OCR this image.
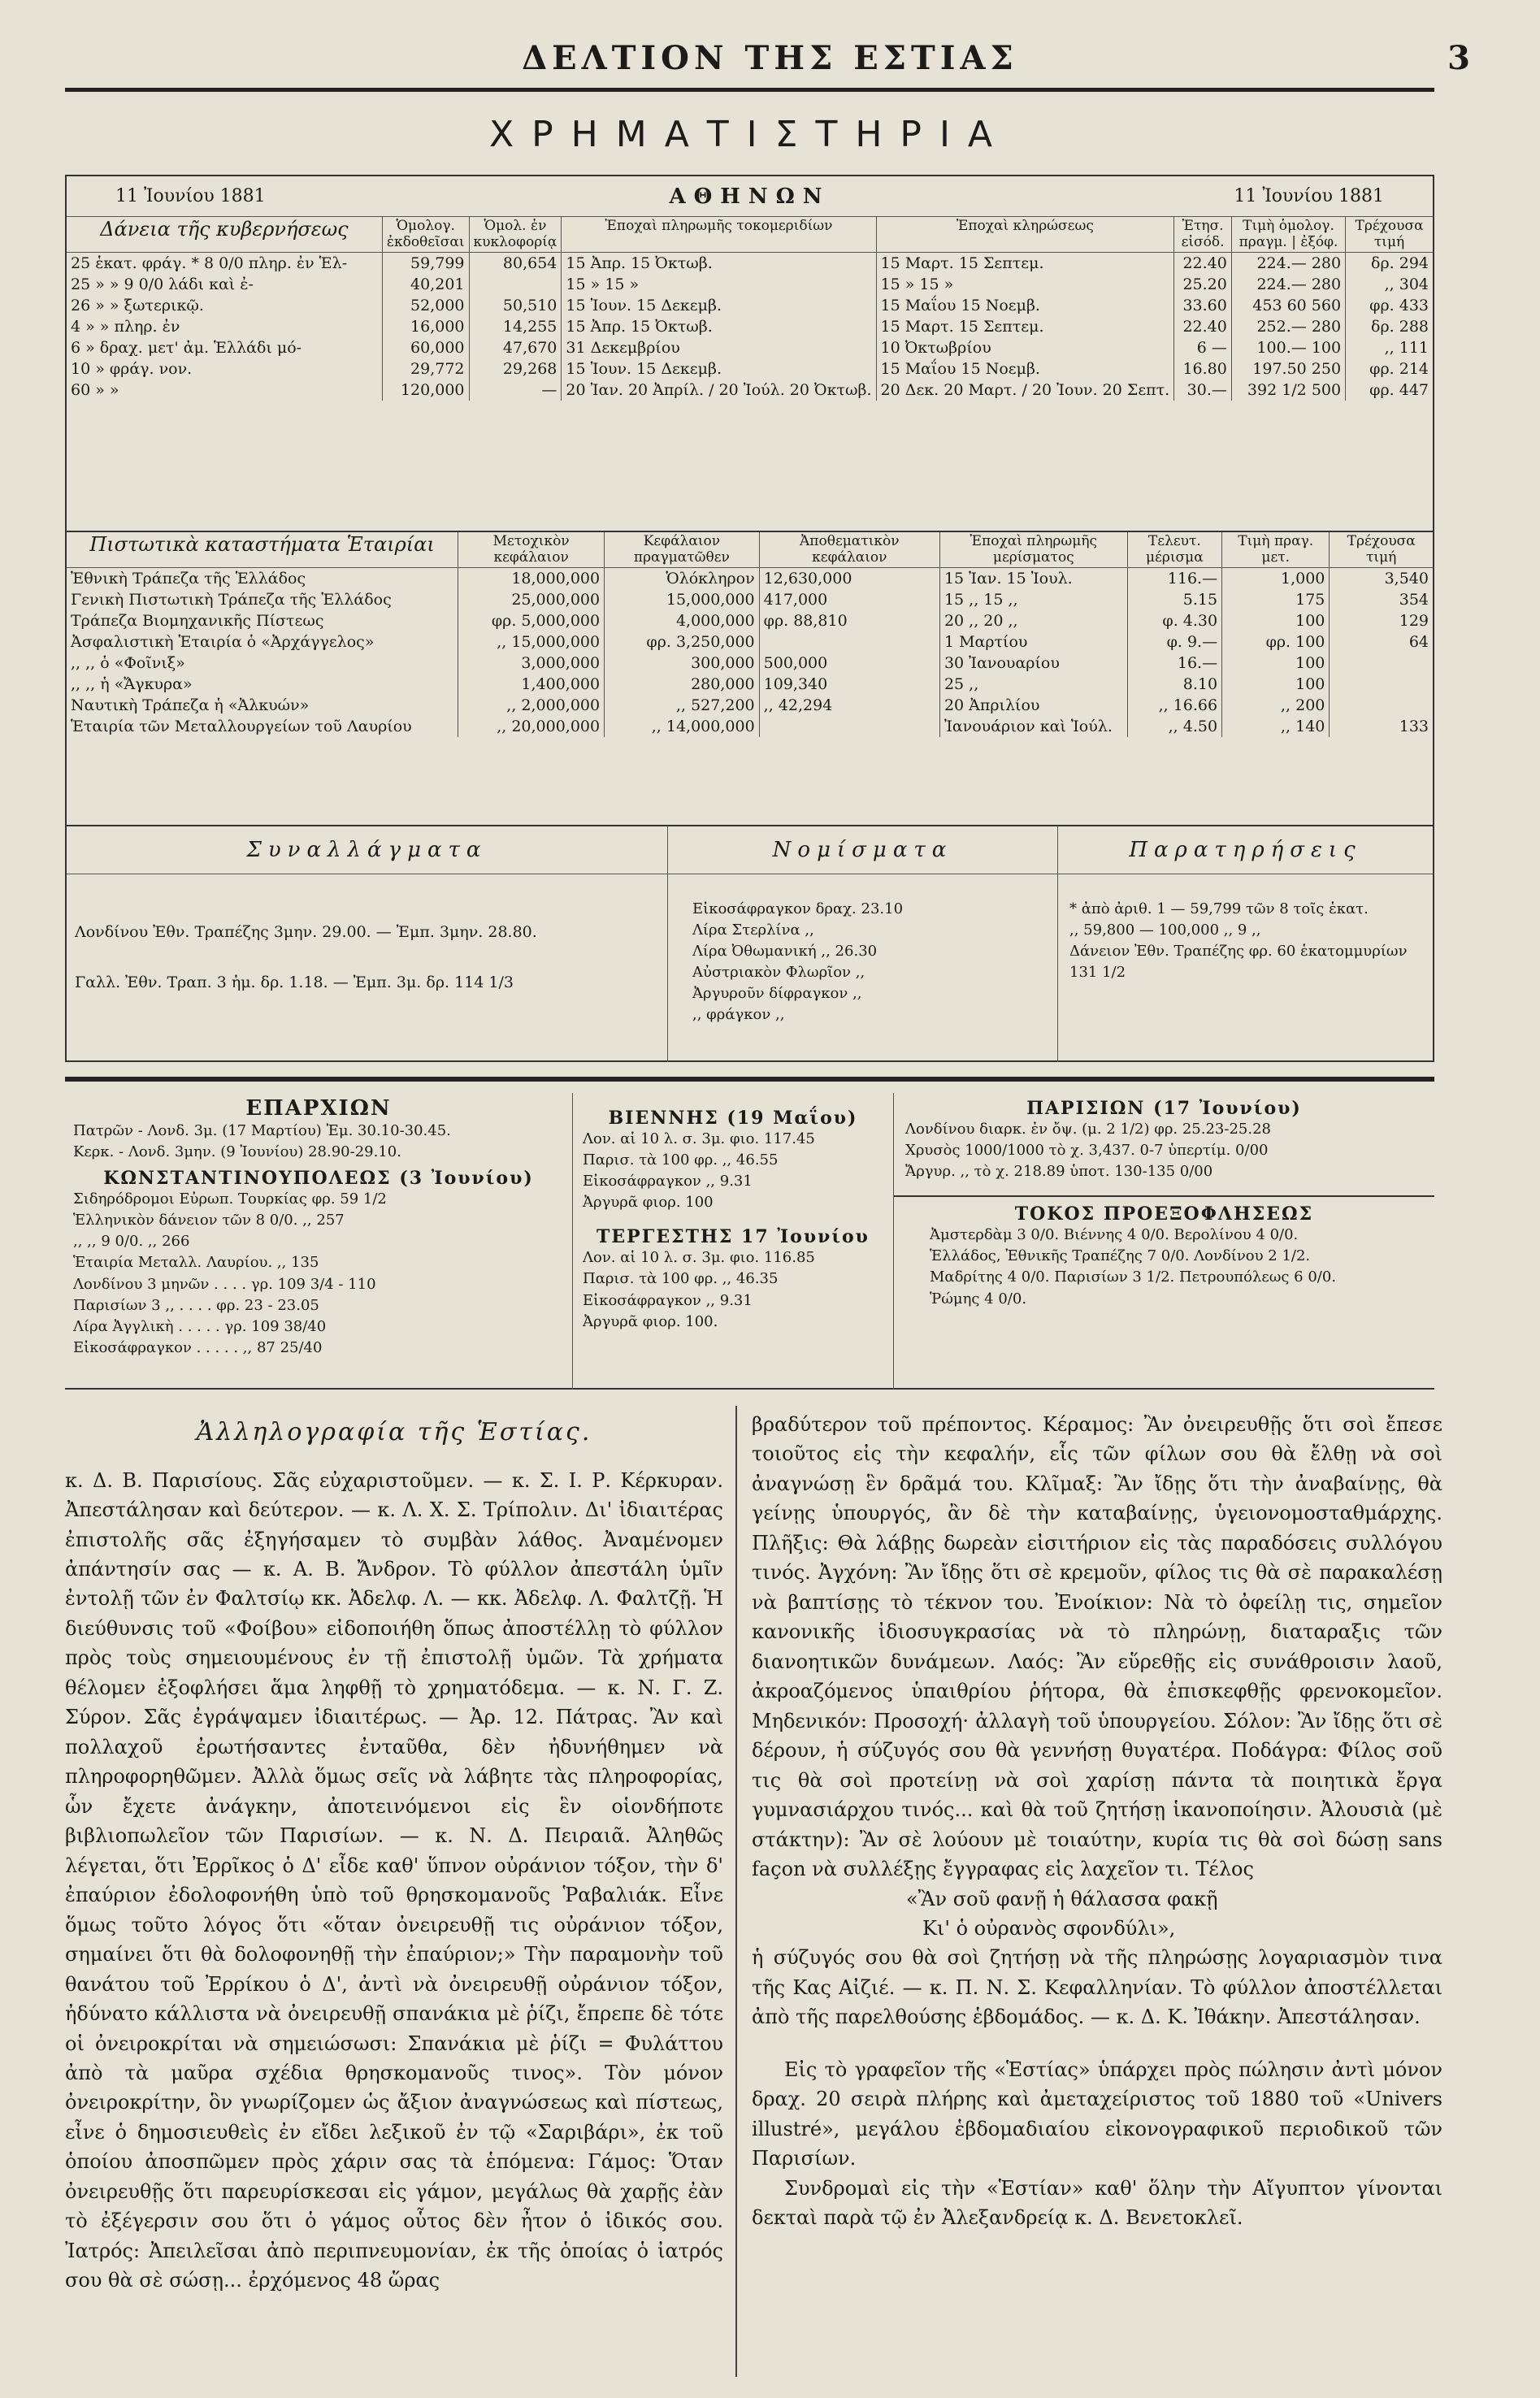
ΔΕΛΤΙΟΝ ΤΗΣ ΕΣΤΙΑΣ	3
ΧΡΗΜΑΤΙΣΤΗΡΙΑ
11 Ἰουνίου 1881	ΑΘΗΝΩΝ	11 Ἰουνίου 1881
Δάνεια τῆς κυβερνήσεως	Ὁμολογ. ἐκδοθεῖσαι	Ὁμολ. ἐν κυκλοφορίᾳ	Ἐποχαὶ πληρωμῆς τοκομεριδίων	Ἐποχαὶ κληρώσεως	Ἐτησ. εἰσόδ.	Τιμὴ ὁμολογ. πραγμ. | ἐξόφ.	Τρέχουσα τιμή
25 ἑκατ. φράγ. * 8 0/0 πληρ. ἐν Ἑλ-	59,799	80,654	15 Ἀπρ. 15 Ὀκτωβ.	15 Μαρτ. 15 Σεπτεμ.	22.40	224.— 280	δρ. 294
25 » » 9 0/0 λάδι καὶ ἐ-	40,201		15 » 15 »	15 » 15 »	25.20	224.— 280	,, 304
26 » » ξωτερικῷ.	52,000	50,510	15 Ἰουν. 15 Δεκεμβ.	15 Μαΐου 15 Νοεμβ.	33.60	453 60 560	φρ. 433
4 » » πληρ. ἐν	16,000	14,255	15 Ἀπρ. 15 Ὀκτωβ.	15 Μαρτ. 15 Σεπτεμ.	22.40	252.— 280	δρ. 288
6 » δραχ. μετ' ἀμ. Ἑλλάδι μό-	60,000	47,670	31 Δεκεμβρίου	10 Ὀκτωβρίου	6 —	100.— 100	,, 111
10 » φράγ. νον.	29,772	29,268	15 Ἰουν. 15 Δεκεμβ.	15 Μαΐου 15 Νοεμβ.	16.80	197.50 250	φρ. 214
60 » »	120,000	—	20 Ἰαν. 20 Ἀπρίλ. / 20 Ἰούλ. 20 Ὀκτωβ.	20 Δεκ. 20 Μαρτ. / 20 Ἰουν. 20 Σεπτ.	30.—	392 1/2 500	φρ. 447
Πιστωτικὰ καταστήματα Ἑταιρίαι	Μετοχικὸν κεφάλαιον	Κεφάλαιον πραγματῶθεν	Ἀποθεματικὸν κεφάλαιον	Ἐποχαὶ πληρωμῆς μερίσματος	Τελευτ. μέρισμα	Τιμὴ πραγ. μετ.	Τρέχουσα τιμή
Ἐθνικὴ Τράπεζα τῆς Ἑλλάδος	18,000,000	Ὁλόκληρον	12,630,000	15 Ἰαν. 15 Ἰουλ.	116.—	1,000	3,540
Γενικὴ Πιστωτικὴ Τράπεζα τῆς Ἑλλάδος	25,000,000	15,000,000	417,000	15 ,, 15 ,,	5.15	175	354
Τράπεζα Βιομηχανικῆς Πίστεως	φρ. 5,000,000	4,000,000	φρ. 88,810	20 ,, 20 ,,	φ. 4.30	100	129
Ἀσφαλιστικὴ Ἑταιρία ὁ «Ἀρχάγγελος»	,, 15,000,000	φρ. 3,250,000		1 Μαρτίου	φ. 9.—	φρ. 100	64
,, ,, ὁ «Φοῖνιξ»	3,000,000	300,000	500,000	30 Ἰανουαρίου	16.—	100	
,, ,, ἡ «Ἄγκυρα»	1,400,000	280,000	109,340	25 ,,	8.10	100	
Ναυτικὴ Τράπεζα ἡ «Ἀλκυών»	,, 2,000,000	,, 527,200	,, 42,294	20 Ἀπριλίου	,, 16.66	,, 200	
Ἑταιρία τῶν Μεταλλουργείων τοῦ Λαυρίου	,, 20,000,000	,, 14,000,000		Ἰανουάριον καὶ Ἰούλ.	,, 4.50	,, 140	133
Συναλλάγματα
Λονδίνου Ἐθν. Τραπέζης 3μην. 29.00. — Ἐμπ. 3μην. 28.80.
Γαλλ. Ἐθν. Τραπ. 3 ἡμ. δρ. 1.18. — Ἐμπ. 3μ. δρ. 114 1/3
Νομίσματα
Εἰκοσάφραγκον δραχ. 23.10
Λίρα Στερλίνα ,,
Λίρα Ὀθωμανική ,, 26.30
Αὐστριακὸν Φλωρῖον ,,
Ἀργυροῦν δίφραγκον ,,
,, φράγκον ,,
Παρατηρήσεις
* ἀπὸ ἀριθ. 1 — 59,799 τῶν 8 τοῖς ἑκατ.
,, 59,800 — 100,000 ,, 9 ,,
Δάνειον Ἐθν. Τραπέζης φρ. 60 ἑκατομμυρίων
131 1/2
ΕΠΑΡΧΙΩΝ
Πατρῶν - Λονδ. 3μ. (17 Μαρτίου) Ἐμ. 30.10-30.45.
Κερκ. - Λονδ. 3μην. (9 Ἰουνίου) 28.90-29.10.
ΚΩΝΣΤΑΝΤΙΝΟΥΠΟΛΕΩΣ (3 Ἰουνίου)
Σιδηρόδρομοι Εὐρωπ. Τουρκίας φρ. 59 1/2
Ἑλληνικὸν δάνειον τῶν 8 0/0. ,, 257
,, ,, 9 0/0. ,, 266
Ἑταιρία Μεταλλ. Λαυρίου. ,, 135
Λονδίνου 3 μηνῶν . . . . γρ. 109 3/4 - 110
Παρισίων 3 ,, . . . . φρ. 23 - 23.05
Λίρα Ἀγγλικὴ . . . . . γρ. 109 38/40
Εἰκοσάφραγκον . . . . . ,, 87 25/40
ΒΙΕΝΝΗΣ (19 Μαΐου)
Λον. αἱ 10 λ. σ. 3μ. φιο. 117.45
Παρισ. τὰ 100 φρ. ,, 46.55
Εἰκοσάφραγκον ,, 9.31
Ἀργυρᾶ φιορ. 100
ΤΕΡΓΕΣΤΗΣ 17 Ἰουνίου
Λον. αἱ 10 λ. σ. 3μ. φιο. 116.85
Παρισ. τὰ 100 φρ. ,, 46.35
Εἰκοσάφραγκον ,, 9.31
Ἀργυρᾶ φιορ. 100.
ΠΑΡΙΣΙΩΝ (17 Ἰουνίου)
Λονδίνου διαρκ. ἐν ὄψ. (μ. 2 1/2) φρ. 25.23-25.28
Χρυσὸς 1000/1000 τὸ χ. 3,437. 0-7 ὑπερτίμ. 0/00
Ἄργυρ. ,, τὸ χ. 218.89 ὑποτ. 130-135 0/00
ΤΟΚΟΣ ΠΡΟΕΞΟΦΛΗΣΕΩΣ
Ἀμστερδὰμ 3 0/0. Βιέννης 4 0/0. Βερολίνου 4 0/0.
Ἑλλάδος, Ἐθνικῆς Τραπέζης 7 0/0. Λονδίνου 2 1/2.
Μαδρίτης 4 0/0. Παρισίων 3 1/2. Πετρουπόλεως 6 0/0.
Ῥώμης 4 0/0.
Ἀλληλογραφία τῆς Ἑστίας.

κ. Δ. Β. Παρισίους. Σᾶς εὐχαριστοῦμεν. — κ. Σ. Ι. Ρ. Κέρκυραν. Ἀπεστάλησαν καὶ δεύτερον. — κ. Λ. Χ. Σ. Τρίπολιν. Δι' ἰδιαιτέρας ἐπιστολῆς σᾶς ἐξηγήσαμεν τὸ συμβὰν λάθος. Ἀναμένομεν ἀπάντησίν σας — κ. Α. Β. Ἄνδρον. Τὸ φύλλον ἀπεστάλη ὑμῖν ἐντολῇ τῶν ἐν Φαλτσίῳ κκ. Ἀδελφ. Λ. — κκ. Ἀδελφ. Λ. Φαλτζῇ. Ἡ διεύθυνσις τοῦ «Φοίβου» εἰδοποιήθη ὅπως ἀποστέλλῃ τὸ φύλλον πρὸς τοὺς σημειουμένους ἐν τῇ ἐπιστολῇ ὑμῶν. Τὰ χρήματα θέλομεν ἐξοφλήσει ἅμα ληφθῇ τὸ χρηματόδεμα. — κ. Ν. Γ. Ζ. Σύρον. Σᾶς ἐγράψαμεν ἰδιαιτέρως. — Ἀρ. 12. Πάτρας. Ἂν καὶ πολλαχοῦ ἐρωτήσαντες ἐνταῦθα, δὲν ἠδυνήθημεν νὰ πληροφορηθῶμεν. Ἀλλὰ ὅμως σεῖς νὰ λάβητε τὰς πληροφορίας, ὧν ἔχετε ἀνάγκην, ἀποτεινόμενοι εἰς ἓν οἱονδήποτε βιβλιοπωλεῖον τῶν Παρισίων. — κ. Ν. Δ. Πειραιᾶ. Ἀληθῶς λέγεται, ὅτι Ἐρρῖκος ὁ Δ' εἶδε καθ' ὕπνον οὐράνιον τόξον, τὴν δ' ἐπαύριον ἐδολοφονήθη ὑπὸ τοῦ θρησκομανοῦς Ῥαβαλιάκ. Εἶνε ὅμως τοῦτο λόγος ὅτι «ὅταν ὀνειρευθῇ τις οὐράνιον τόξον, σημαίνει ὅτι θὰ δολοφονηθῇ τὴν ἐπαύριον;» Τὴν παραμονὴν τοῦ θανάτου τοῦ Ἐρρίκου ὁ Δ', ἀντὶ νὰ ὀνειρευθῇ οὐράνιον τόξον, ἠδύνατο κάλλιστα νὰ ὀνειρευθῇ σπανάκια μὲ ῥίζι, ἔπρεπε δὲ τότε οἱ ὀνειροκρίται νὰ σημειώσωσι: Σπανάκια μὲ ῥίζι = Φυλάττου ἀπὸ τὰ μαῦρα σχέδια θρησκομανοῦς τινος». Τὸν μόνον ὀνειροκρίτην, ὃν γνωρίζομεν ὡς ἄξιον ἀναγνώσεως καὶ πίστεως, εἶνε ὁ δημοσιευθεὶς ἐν εἴδει λεξικοῦ ἐν τῷ «Σαριβάρι», ἐκ τοῦ ὁποίου ἀποσπῶμεν πρὸς χάριν σας τὰ ἑπόμενα: Γάμος: Ὅταν ὀνειρευθῇς ὅτι παρευρίσκεσαι εἰς γάμον, μεγάλως θὰ χαρῇς ἐὰν τὸ ἐξέγερσιν σου ὅτι ὁ γάμος οὗτος δὲν ἦτον ὁ ἰδικός σου. Ἰατρός: Ἀπειλεῖσαι ἀπὸ περιπνευμονίαν, ἐκ τῆς ὁποίας ὁ ἰατρός σου θὰ σὲ σώσῃ... ἐρχόμενος 48 ὥρας

βραδύτερον τοῦ πρέποντος. Κέραμος: Ἂν ὀνειρευθῇς ὅτι σοὶ ἔπεσε τοιοῦτος εἰς τὴν κεφαλήν, εἷς τῶν φίλων σου θὰ ἔλθῃ νὰ σοὶ ἀναγνώσῃ ἓν δρᾶμά του. Κλῖμαξ: Ἂν ἴδῃς ὅτι τὴν ἀναβαίνῃς, θὰ γείνῃς ὑπουργός, ἂν δὲ τὴν καταβαίνῃς, ὑγειονομοσταθμάρχης. Πλῆξις: Θὰ λάβῃς δωρεὰν εἰσιτήριον εἰς τὰς παραδόσεις συλλόγου τινός. Ἀγχόνη: Ἂν ἴδῃς ὅτι σὲ κρεμοῦν, φίλος τις θὰ σὲ παρακαλέσῃ νὰ βαπτίσῃς τὸ τέκνον του. Ἐνοίκιον: Νὰ τὸ ὀφείλῃ τις, σημεῖον κανονικῆς ἰδιοσυγκρασίας νὰ τὸ πληρώνῃ, διαταραξις τῶν διανοητικῶν δυνάμεων. Λαός: Ἂν εὕρεθῇς εἰς συνάθροισιν λαοῦ, ἀκροαζόμενος ὑπαιθρίου ῥήτορα, θὰ ἐπισκεφθῇς φρενοκομεῖον. Μηδενικόν: Προσοχή· ἀλλαγὴ τοῦ ὑπουργείου. Σόλον: Ἂν ἴδῃς ὅτι σὲ δέρουν, ἡ σύζυγός σου θὰ γεννήσῃ θυγατέρα. Ποδάγρα: Φίλος σοῦ τις θὰ σοὶ προτείνῃ νὰ σοὶ χαρίσῃ πάντα τὰ ποιητικὰ ἔργα γυμνασιάρχου τινός... καὶ θὰ τοῦ ζητήσῃ ἱκανοποίησιν. Ἀλουσιὰ (μὲ στάκτην): Ἂν σὲ λούουν μὲ τοιαύτην, κυρία τις θὰ σοὶ δώσῃ sans façon νὰ συλλέξῃς ἔγγραφας εἰς λαχεῖον τι. Τέλος

«Ἂν σοῦ φανῇ ἡ θάλασσα φακῇ

Κι' ὁ οὐρανὸς σφονδύλι»,

ἡ σύζυγός σου θὰ σοὶ ζητήσῃ νὰ τῆς πληρώσῃς λογαριασμὸν τινα τῆς Κας Αἰζιέ. — κ. Π. Ν. Σ. Κεφαλληνίαν. Τὸ φύλλον ἀποστέλλεται ἀπὸ τῆς παρελθούσης ἑβδομάδος. — κ. Δ. Κ. Ἰθάκην. Ἀπεστάλησαν.

Εἰς τὸ γραφεῖον τῆς «Ἑστίας» ὑπάρχει πρὸς πώλησιν ἀντὶ μόνον δραχ. 20 σειρὰ πλήρης καὶ ἀμεταχείριστος τοῦ 1880 τοῦ «Univers illustré», μεγάλου ἑβδομαδιαίου εἰκονογραφικοῦ περιοδικοῦ τῶν Παρισίων.

Συνδρομαὶ εἰς τὴν «Ἑστίαν» καθ' ὅλην τὴν Αἴγυπτον γίνονται δεκταὶ παρὰ τῷ ἐν Ἀλεξανδρείᾳ κ. Δ. Βενετοκλεῖ.
